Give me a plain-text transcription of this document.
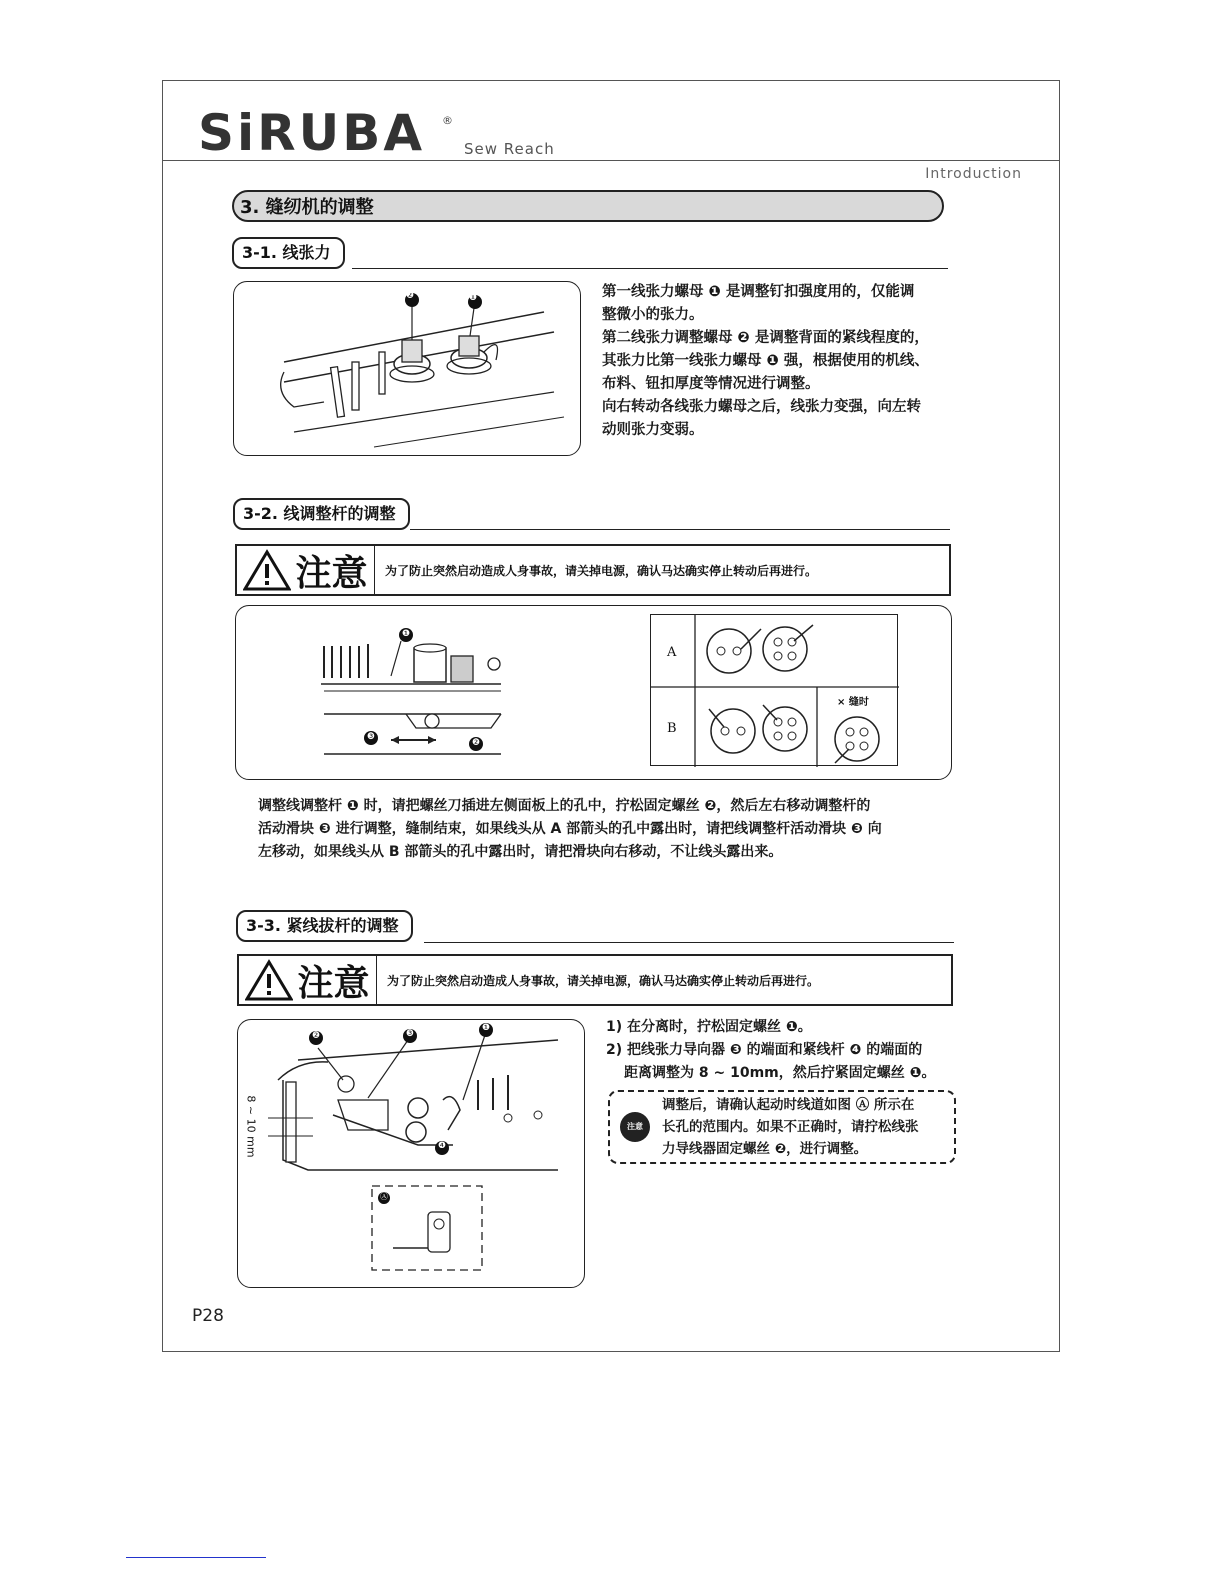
SiRUBA ®
Sew Reach
Introduction
3. 缝纫机的调整
3-1. 线张力
❷	❶	第一线张力螺母 ❶ 是调整钉扣强度用的，仅能调
整微小的张力。
第二线张力调整螺母 ❷ 是调整背面的紧线程度的，
其张力比第一线张力螺母 ❶ 强，根据使用的机线、
布料、钮扣厚度等情况进行调整。
向右转动各线张力螺母之后，线张力变强，向左转
动则张力变弱。
3-2. 线调整杆的调整
注意 为了防止突然启动造成人身事故，请关掉电源，确认马达确实停止转动后再进行。
❶
❸
❷
A
B
× 缝时
调整线调整杆 ❶ 时，请把螺丝刀插进左侧面板上的孔中，拧松固定螺丝 ❷，然后左右移动调整杆的
活动滑块 ❸ 进行调整，缝制结束，如果线头从 A 部箭头的孔中露出时，请把线调整杆活动滑块 ❸ 向
左移动，如果线头从 B 部箭头的孔中露出时，请把滑块向右移动，不让线头露出来。
3-3. 紧线拔杆的调整
注意 为了防止突然启动造成人身事故，请关掉电源，确认马达确实停止转动后再进行。
❷	❸
❶
❹
Ⓐ
8 ~ 10 mm
1) 在分离时，拧松固定螺丝 ❶。
2) 把线张力导向器 ❸ 的端面和紧线杆 ❹ 的端面的
距离调整为 8 ~ 10mm，然后拧紧固定螺丝 ❶。
注意
调整后，请确认起动时线道如图 Ⓐ 所示在
长孔的范围内。如果不正确时，请拧松线张
力导线器固定螺丝 ❷，进行调整。
P28
